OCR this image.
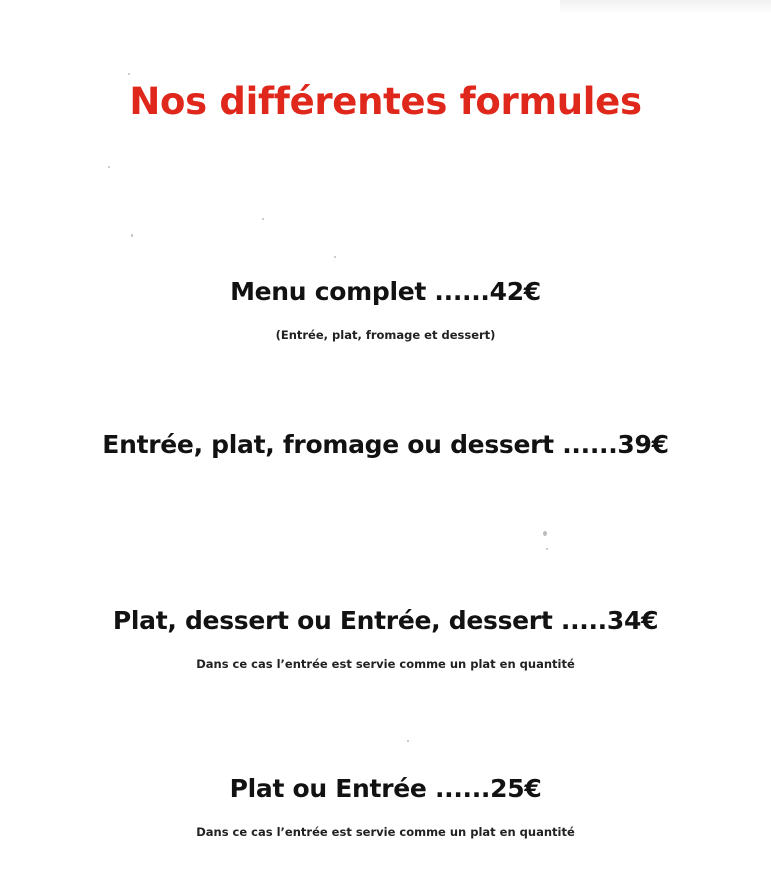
Nos différentes formules
Menu complet ......42€
(Entrée, plat, fromage et dessert)
Entrée, plat, fromage ou dessert ......39€
Plat, dessert ou Entrée, dessert .....34€
Dans ce cas l’entrée est servie comme un plat en quantité
Plat ou Entrée ......25€
Dans ce cas l’entrée est servie comme un plat en quantité
